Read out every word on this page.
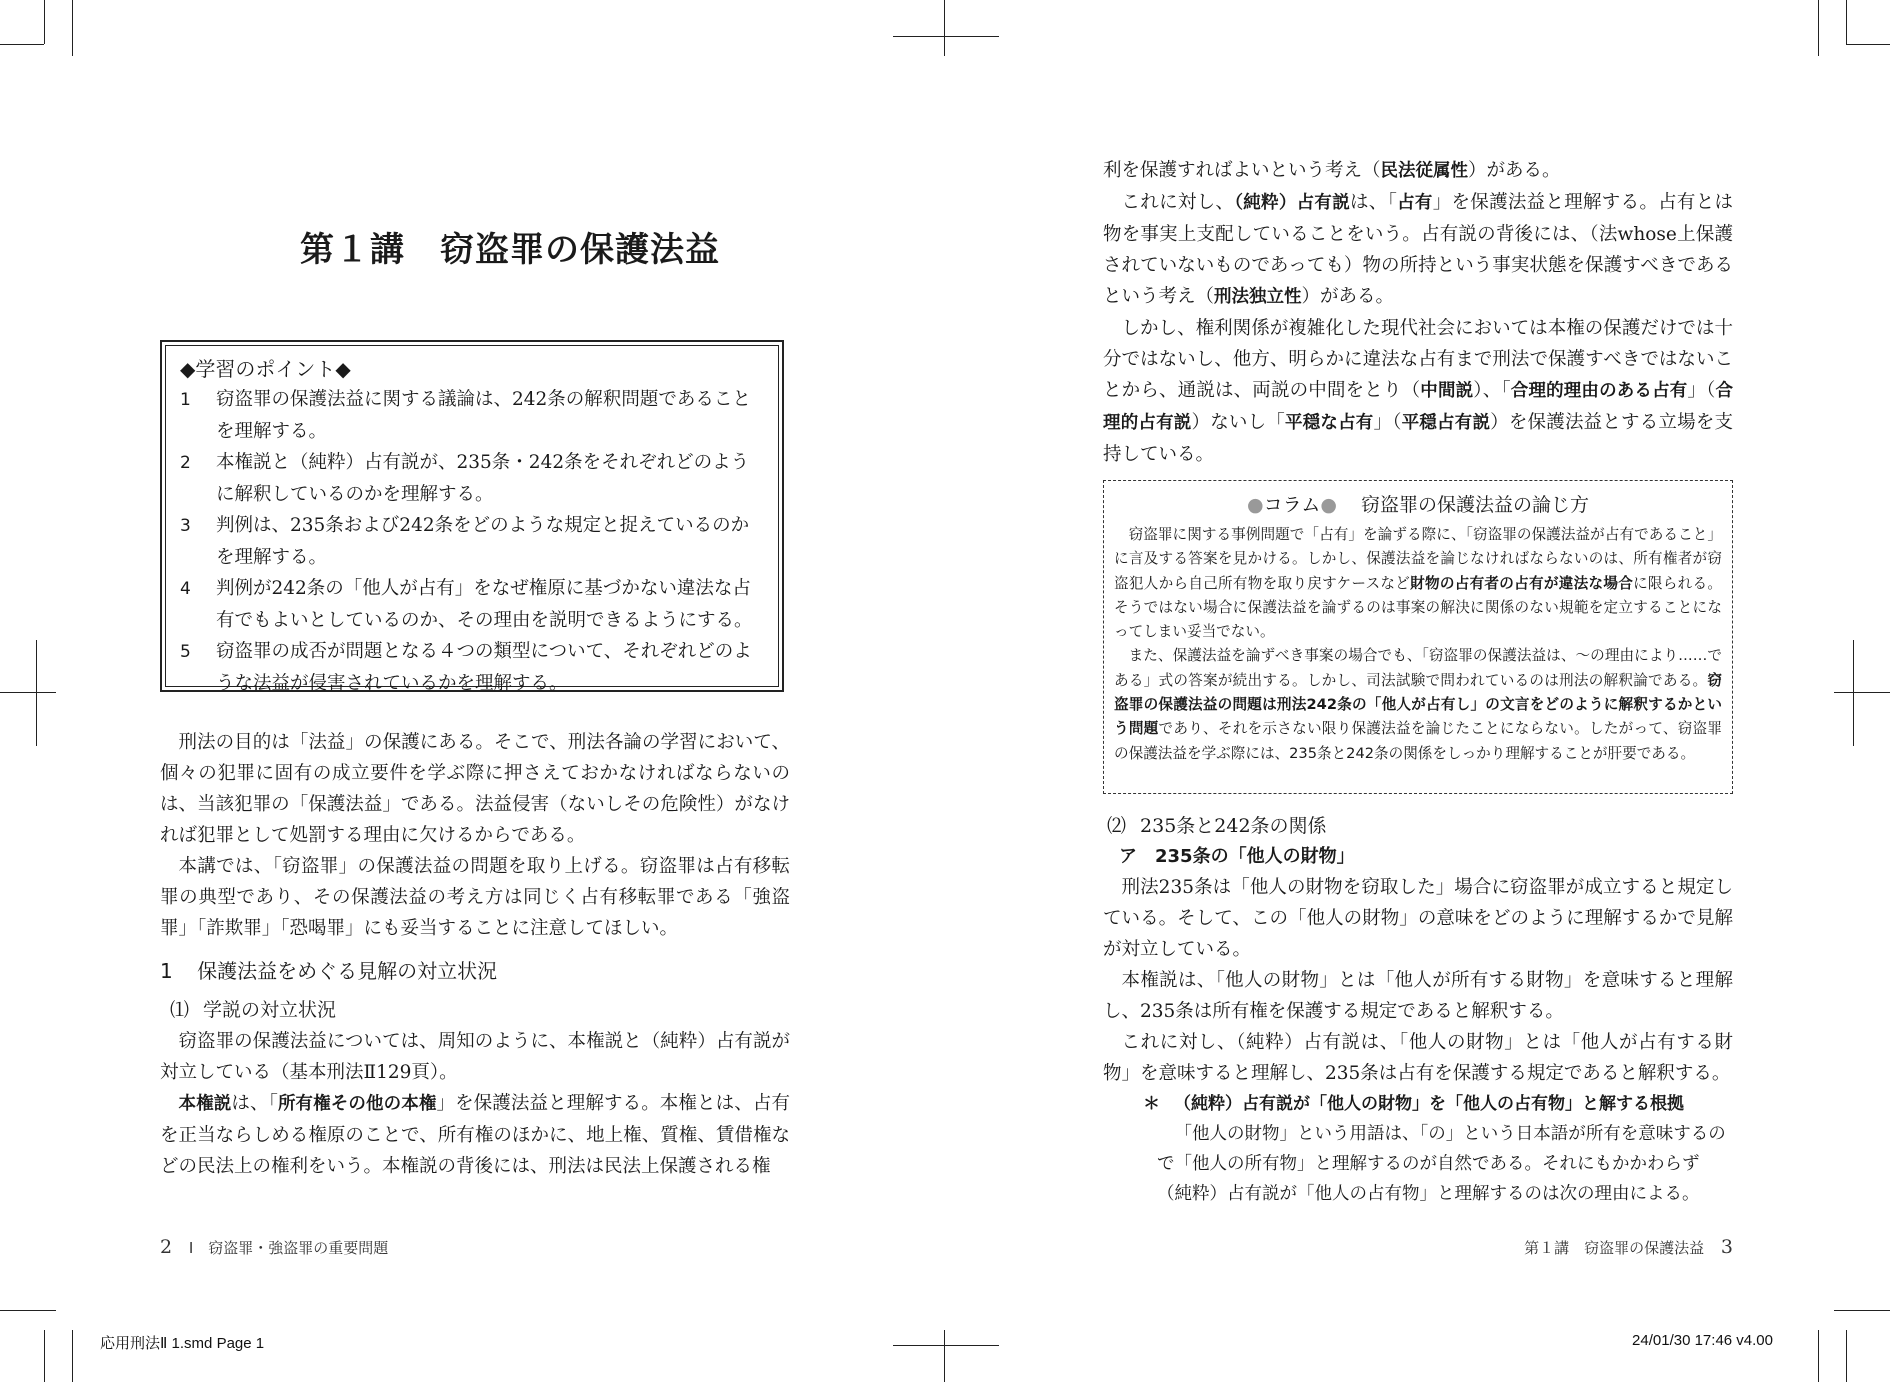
第１講　窃盗罪の保護法益
◆学習のポイント◆
1 窃盗罪の保護法益に関する議論は、242条の解釈問題であることを理解する。
2 本権説と（純粋）占有説が、235条・242条をそれぞれどのように解釈しているのかを理解する。
3 判例は、235条および242条をどのような規定と捉えているのかを理解する。
4 判例が242条の「他人が占有」をなぜ権原に基づかない違法な占有でもよいとしているのか、その理由を説明できるようにする。
5 窃盗罪の成否が問題となる４つの類型について、それぞれどのような法益が侵害されているかを理解する。

刑法の目的は「法益」の保護にある。そこで、刑法各論の学習において、個々の犯罪に固有の成立要件を学ぶ際に押さえておかなければならないのは、当該犯罪の「保護法益」である。法益侵害（ないしその危険性）がなければ犯罪として処罰する理由に欠けるからである。

本講では、「窃盗罪」の保護法益の問題を取り上げる。窃盗罪は占有移転罪の典型であり、その保護法益の考え方は同じく占有移転罪である「強盗罪」「詐欺罪」「恐喝罪」にも妥当することに注意してほしい。

1 保護法益をめぐる見解の対立状況
⑴ 学説の対立状況

窃盗罪の保護法益については、周知のように、本権説と（純粋）占有説が対立している（基本刑法Ⅱ129頁）。

本権説は、「所有権その他の本権」を保護法益と理解する。本権とは、占有を正当ならしめる権原のことで、所有権のほかに、地上権、質権、賃借権などの民法上の権利をいう。本権説の背後には、刑法は民法上保護される権

2 Ⅰ　窃盗罪・強盗罪の重要問題

利を保護すればよいという考え（民法従属性）がある。

これに対し、（純粋）占有説は、「占有」を保護法益と理解する。占有とは物を事実上支配していることをいう。占有説の背後には、（法whose上保護されていないものであっても）物の所持という事実状態を保護すべきであるという考え（刑法独立性）がある。

しかし、権利関係が複雑化した現代社会においては本権の保護だけでは十分ではないし、他方、明らかに違法な占有まで刑法で保護すべきではないことから、通説は、両説の中間をとり（中間説）、「合理的理由のある占有」（合理的占有説）ないし「平穏な占有」（平穏占有説）を保護法益とする立場を支持している。

●コラム● 窃盗罪の保護法益の論じ方

窃盗罪に関する事例問題で「占有」を論ずる際に、「窃盗罪の保護法益が占有であること」に言及する答案を見かける。しかし、保護法益を論じなければならないのは、所有権者が窃盗犯人から自己所有物を取り戻すケースなど財物の占有者の占有が違法な場合に限られる。そうではない場合に保護法益を論ずるのは事案の解決に関係のない規範を定立することになってしまい妥当でない。

また、保護法益を論ずべき事案の場合でも、「窃盗罪の保護法益は、～の理由により……である」式の答案が続出する。しかし、司法試験で問われているのは刑法の解釈論である。窃盗罪の保護法益の問題は刑法242条の「他人が占有し」の文言をどのように解釈するかという問題であり、それを示さない限り保護法益を論じたことにならない。したがって、窃盗罪の保護法益を学ぶ際には、235条と242条の関係をしっかり理解することが肝要である。

⑵ 235条と242条の関係
ア　235条の「他人の財物」

刑法235条は「他人の財物を窃取した」場合に窃盗罪が成立すると規定している。そして、この「他人の財物」の意味をどのように理解するかで見解が対立している。

本権説は、「他人の財物」とは「他人が所有する財物」を意味すると理解し、235条は所有権を保護する規定であると解釈する。

これに対し、（純粋）占有説は、「他人の財物」とは「他人が占有する財物」を意味すると理解し、235条は占有を保護する規定であると解釈する。

＊ （純粋）占有説が「他人の財物」を「他人の占有物」と解する根拠

「他人の財物」という用語は、「の」という日本語が所有を意味するので「他人の所有物」と理解するのが自然である。それにもかかわらず（純粋）占有説が「他人の占有物」と理解するのは次の理由による。

第１講　窃盗罪の保護法益 3
応用刑法Ⅱ 1.smd Page 1	24/01/30 17:46 v4.00
